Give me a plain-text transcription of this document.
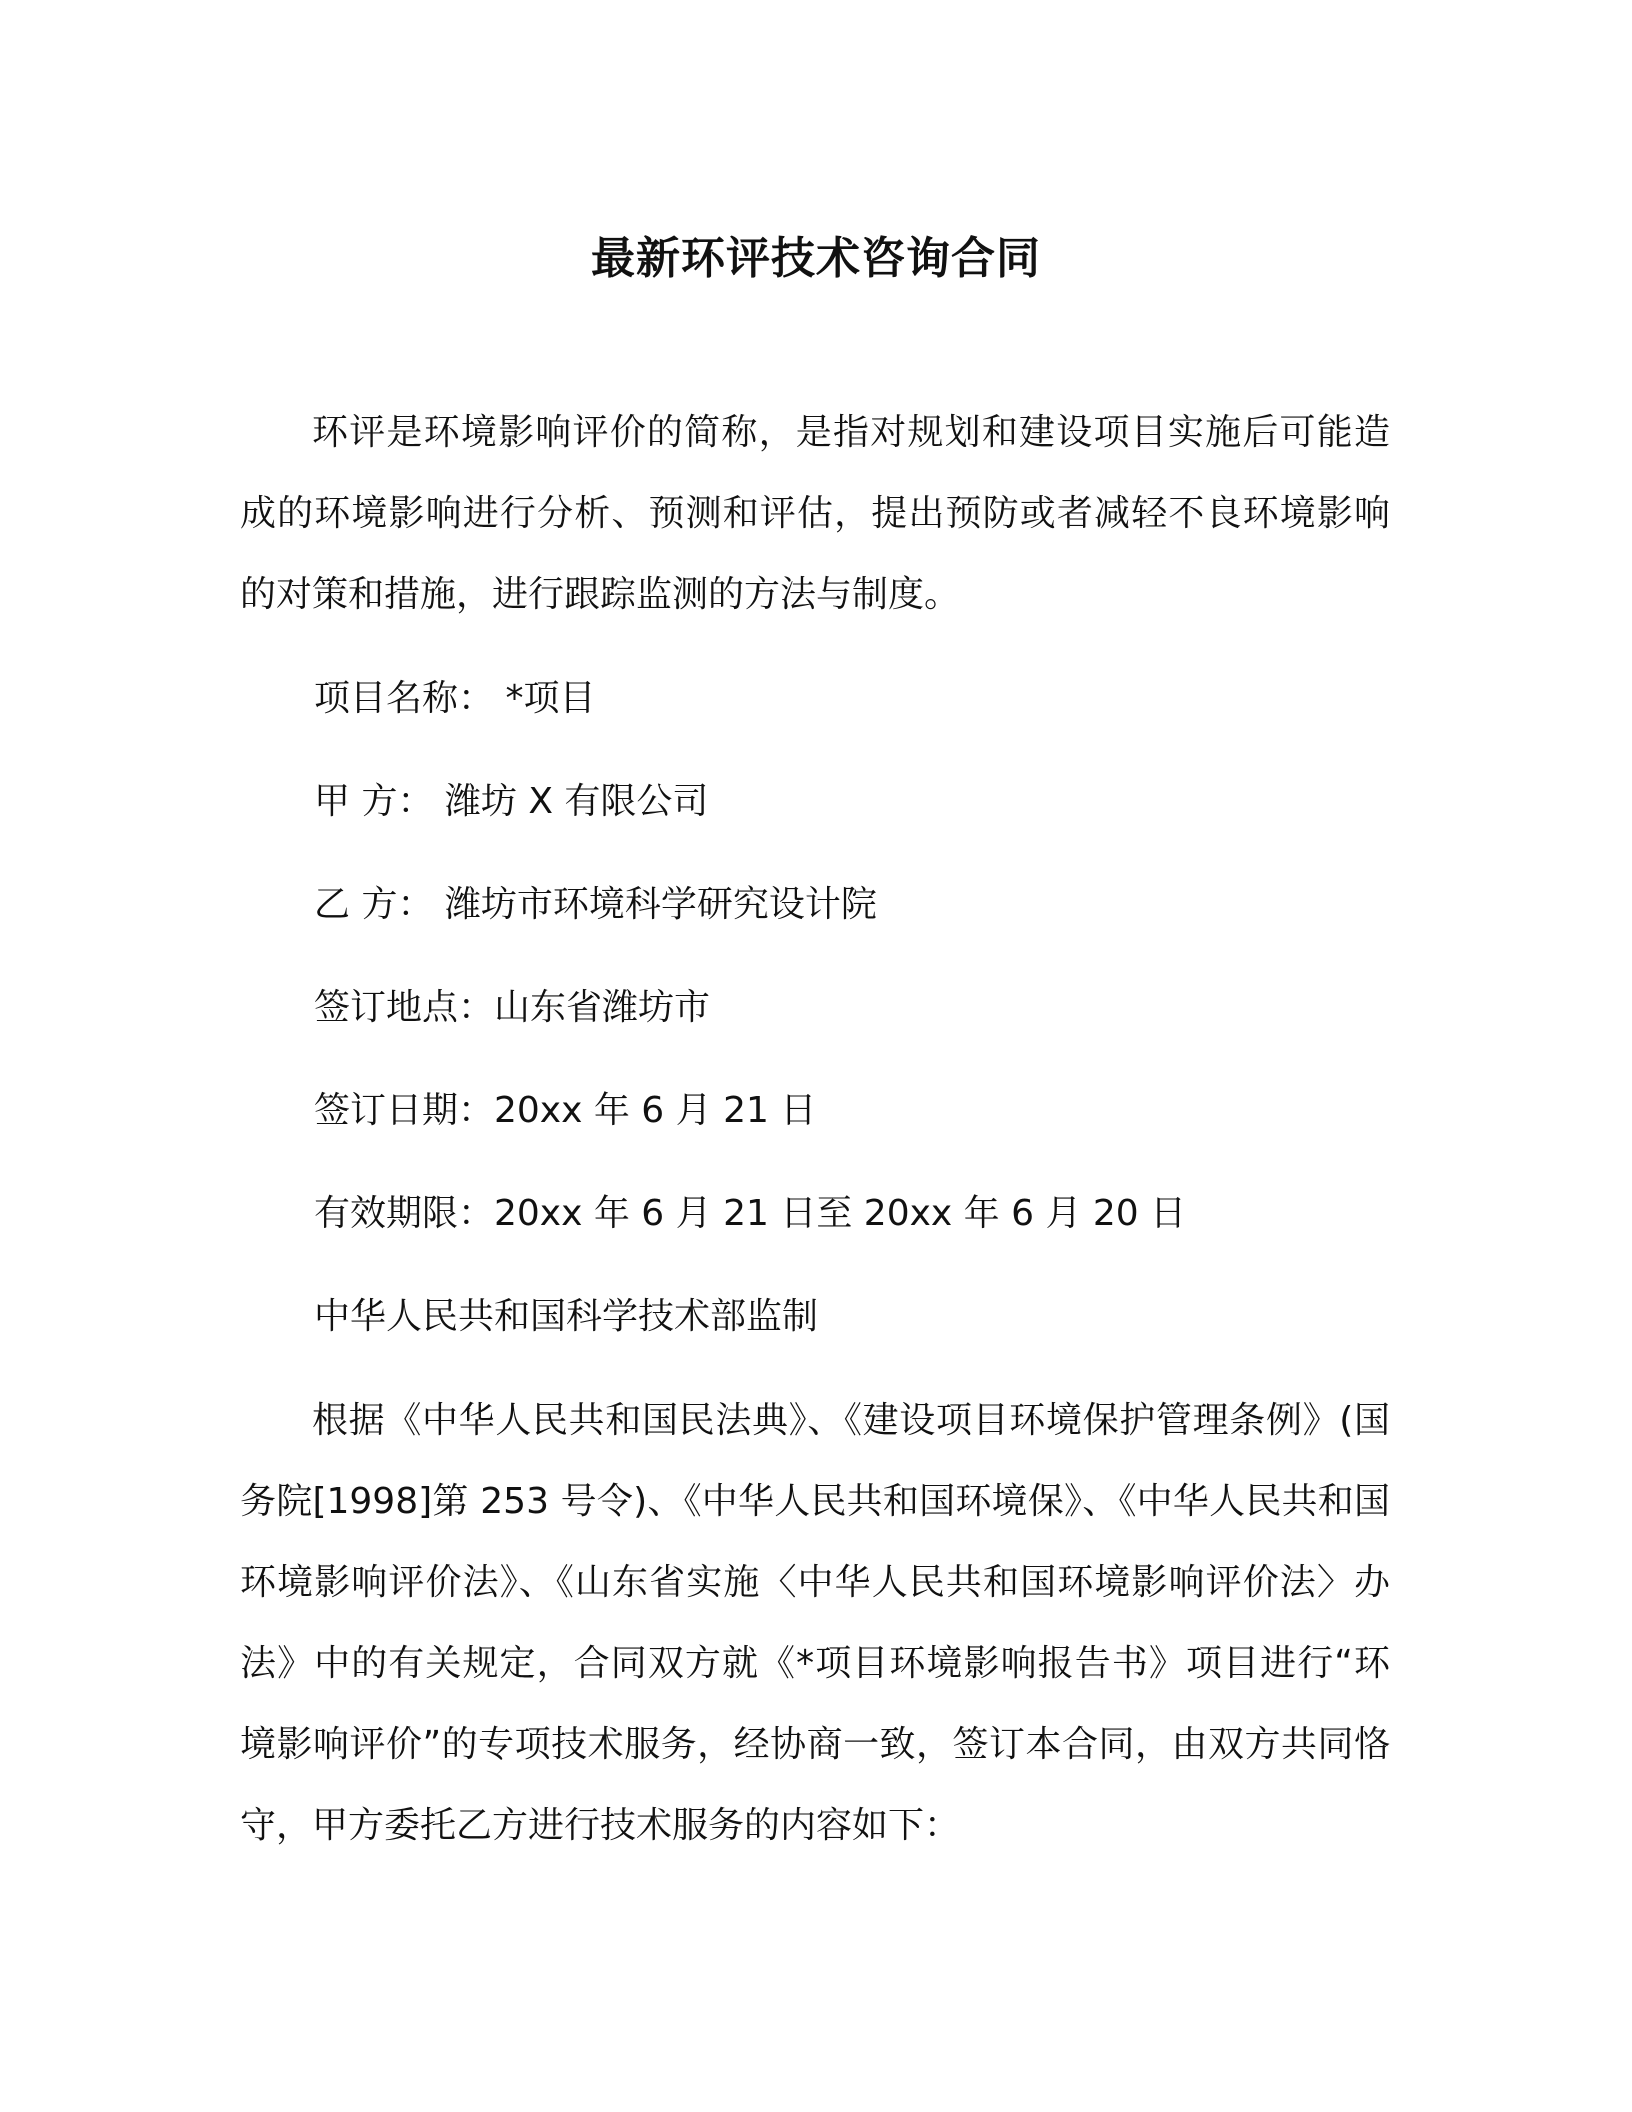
最新环评技术咨询合同

环评是环境影响评价的简称，是指对规划和建设项目实施后可能造成的环境影响进行分析、预测和评估，提出预防或者减轻不良环境影响的对策和措施，进行跟踪监测的方法与制度。

项目名称： *项目

甲 方： 潍坊 X 有限公司

乙 方： 潍坊市环境科学研究设计院

签订地点：山东省潍坊市

签订日期：20xx 年 6 月 21 日

有效期限：20xx 年 6 月 21 日至 20xx 年 6 月 20 日

中华人民共和国科学技术部监制

根据《中华人民共和国民法典》、《建设项目环境保护管理条例》(国务院[1998]第 253 号令)、《中华人民共和国环境保》、《中华人民共和国环境影响评价法》、《山东省实施〈中华人民共和国环境影响评价法〉办法》中的有关规定，合同双方就《*项目环境影响报告书》项目进行“环境影响评价”的专项技术服务，经协商一致，签订本合同，由双方共同恪守，甲方委托乙方进行技术服务的内容如下：
